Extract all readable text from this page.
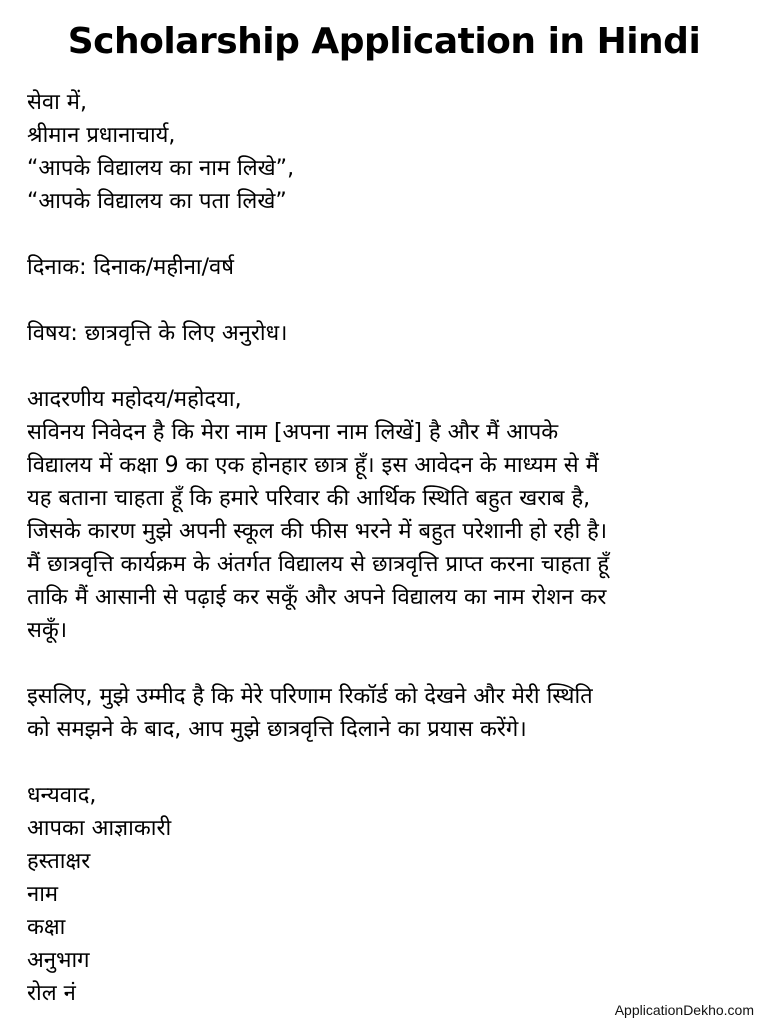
Scholarship Application in Hindi
सेवा में,
श्रीमान प्रधानाचार्य,
“आपके विद्यालय का नाम लिखे”,
“आपके विद्यालय का पता लिखे”
दिनाक: दिनाक/महीना/वर्ष
विषय: छात्रवृत्ति के लिए अनुरोध।
आदरणीय महोदय/महोदया,
सविनय निवेदन है कि मेरा नाम [अपना नाम लिखें] है और मैं आपके
विद्यालय में कक्षा 9 का एक होनहार छात्र हूँ। इस आवेदन के माध्यम से मैं
यह बताना चाहता हूँ कि हमारे परिवार की आर्थिक स्थिति बहुत खराब है,
जिसके कारण मुझे अपनी स्कूल की फीस भरने में बहुत परेशानी हो रही है।
मैं छात्रवृत्ति कार्यक्रम के अंतर्गत विद्यालय से छात्रवृत्ति प्राप्त करना चाहता हूँ
ताकि मैं आसानी से पढ़ाई कर सकूँ और अपने विद्यालय का नाम रोशन कर
सकूँ।
इसलिए, मुझे उम्मीद है कि मेरे परिणाम रिकॉर्ड को देखने और मेरी स्थिति
को समझने के बाद, आप मुझे छात्रवृत्ति दिलाने का प्रयास करेंगे।
धन्यवाद,
आपका आज्ञाकारी
हस्ताक्षर
नाम
कक्षा
अनुभाग
रोल नं
ApplicationDekho.com
